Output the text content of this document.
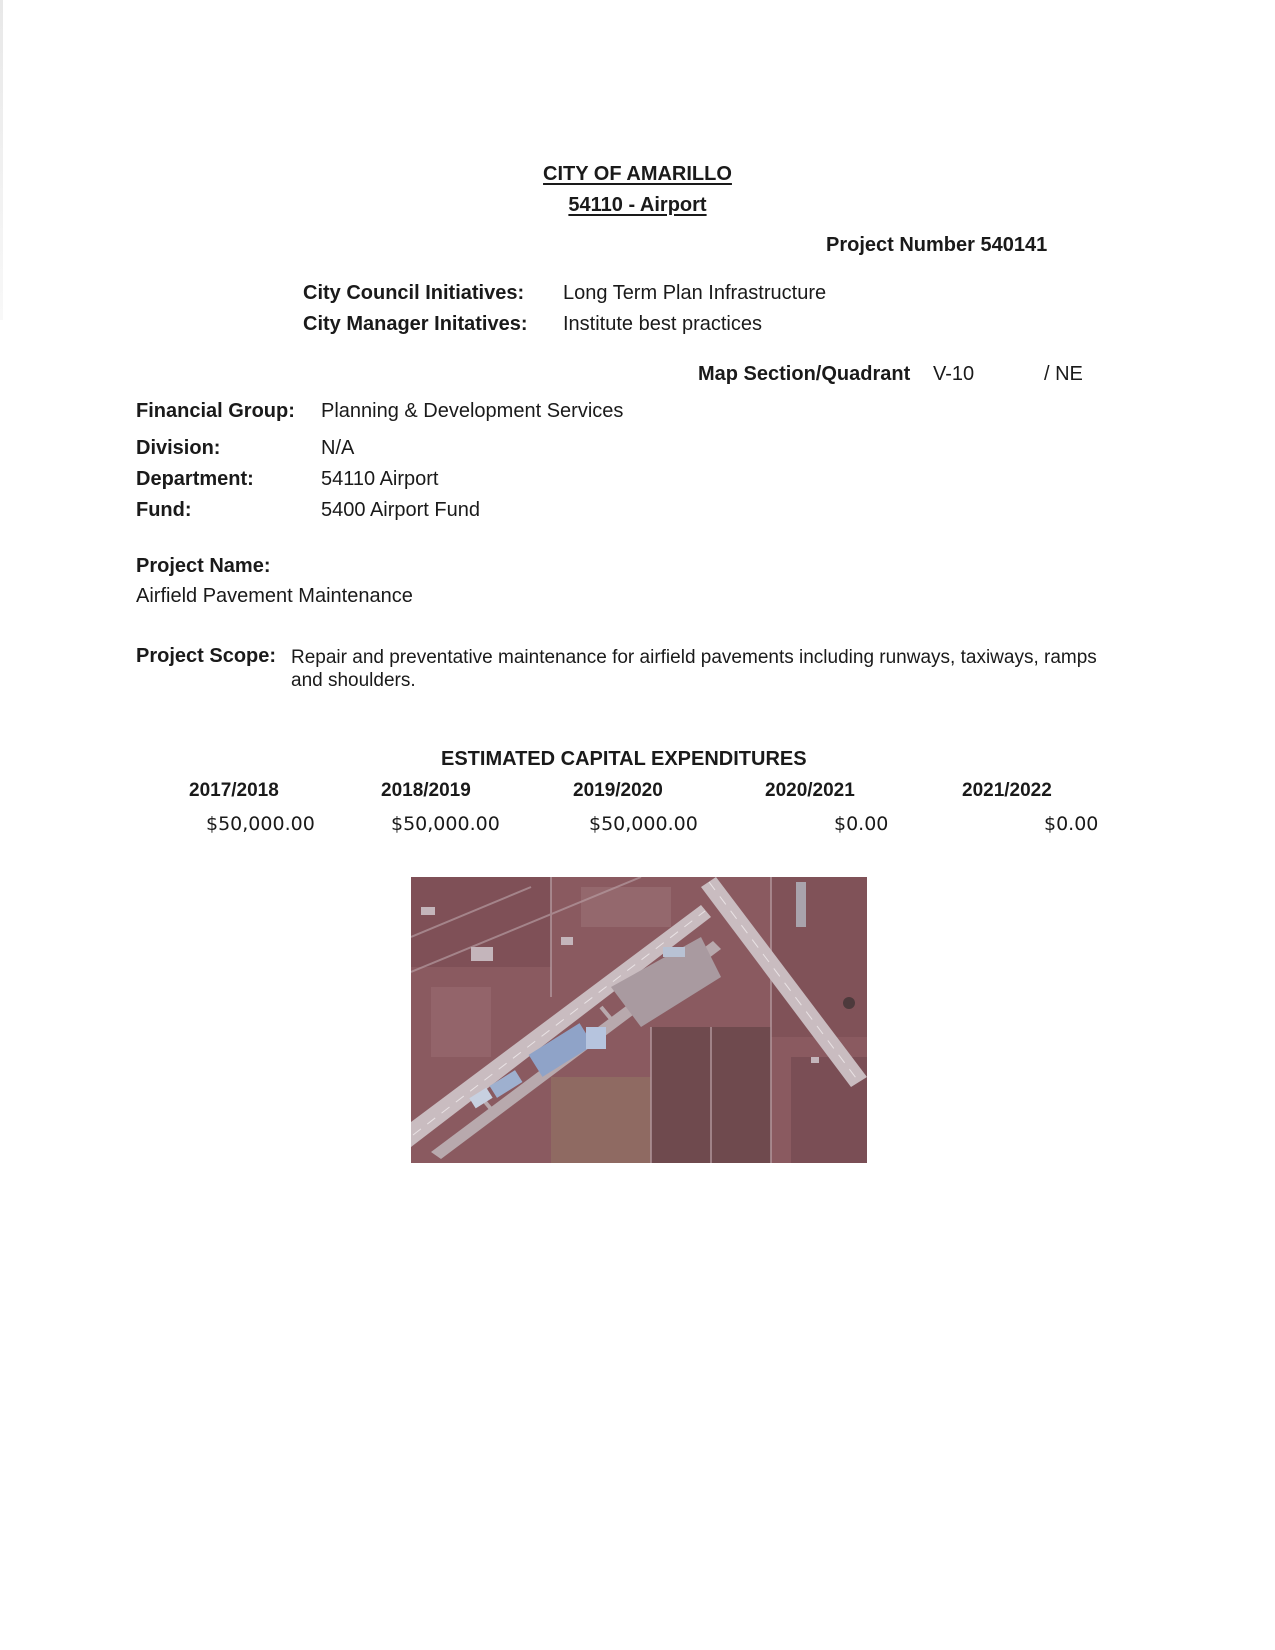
CITY OF AMARILLO
54110 - Airport
Project Number 540141
City Council Initiatives: Long Term Plan Infrastructure
City Manager Initatives: Institute best practices
Map Section/Quadrant V-10	/ NE
Financial Group: Planning & Development Services
Division:	N/A
Department:	54110 Airport
Fund:	5400 Airport Fund
Project Name:
Airfield Pavement Maintenance
Project Scope: Repair and preventative maintenance for airfield pavements including runways, taxiways, ramps and shoulders.
ESTIMATED CAPITAL EXPENDITURES
2017/2018	2018/2019	2019/2020	2020/2021	2021/2022
$50,000.00	$50,000.00	$50,000.00	$0.00	$0.00
